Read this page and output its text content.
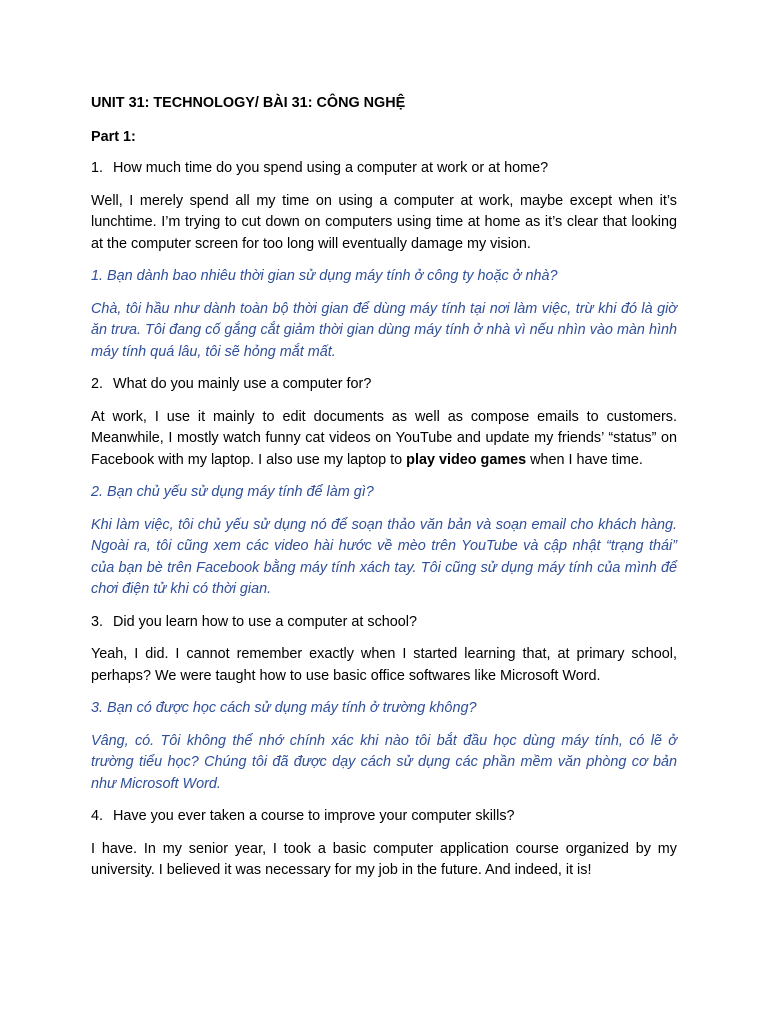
UNIT 31: TECHNOLOGY/ BÀI 31: CÔNG NGHỆ

Part 1:

1. How much time do you spend using a computer at work or at home?

Well, I merely spend all my time on using a computer at work, maybe except when it’s lunchtime. I’m trying to cut down on computers using time at home as it’s clear that looking at the computer screen for too long will eventually damage my vision.

1. Bạn dành bao nhiêu thời gian sử dụng máy tính ở công ty hoặc ở nhà?

Chà, tôi hầu như dành toàn bộ thời gian để dùng máy tính tại nơi làm việc, trừ khi đó là giờ ăn trưa. Tôi đang cố gắng cắt giảm thời gian dùng máy tính ở nhà vì nếu nhìn vào màn hình máy tính quá lâu, tôi sẽ hỏng mắt mất.

2. What do you mainly use a computer for?

At work, I use it mainly to edit documents as well as compose emails to customers. Meanwhile, I mostly watch funny cat videos on YouTube and update my friends’ “status” on Facebook with my laptop. I also use my laptop to play video games when I have time.

2. Bạn chủ yếu sử dụng máy tính để làm gì?

Khi làm việc, tôi chủ yếu sử dụng nó để soạn thảo văn bản và soạn email cho khách hàng. Ngoài ra, tôi cũng xem các video hài hước về mèo trên YouTube và cập nhật “trạng thái” của bạn bè trên Facebook bằng máy tính xách tay. Tôi cũng sử dụng máy tính của mình để chơi điện tử khi có thời gian.

3. Did you learn how to use a computer at school?

Yeah, I did. I cannot remember exactly when I started learning that, at primary school, perhaps? We were taught how to use basic office softwares like Microsoft Word.

3. Bạn có được học cách sử dụng máy tính ở trường không?

Vâng, có. Tôi không thể nhớ chính xác khi nào tôi bắt đầu học dùng máy tính, có lẽ ở trường tiểu học? Chúng tôi đã được dạy cách sử dụng các phần mềm văn phòng cơ bản như Microsoft Word.

4. Have you ever taken a course to improve your computer skills?

I have. In my senior year, I took a basic computer application course organized by my university. I believed it was necessary for my job in the future. And indeed, it is!
